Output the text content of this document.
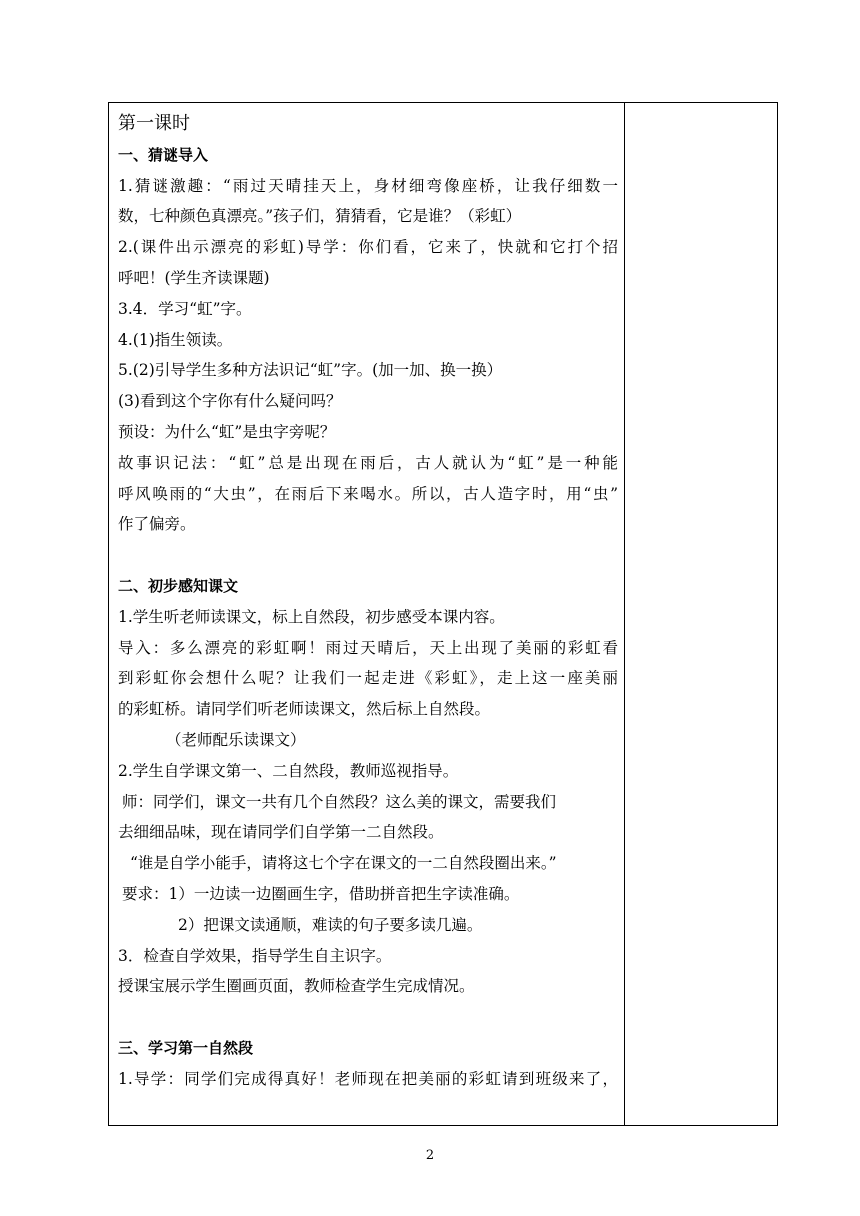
第一课时
一、猜谜导入
1.猜谜激趣：“雨过天晴挂天上，身材细弯像座桥，让我仔细数一
数，七种颜色真漂亮。”孩子们，猜猜看，它是谁？（彩虹）
2.(课件出示漂亮的彩虹)导学：你们看，它来了，快就和它打个招
呼吧！(学生齐读课题)
3.4．学习“虹”字。
4.(1)指生领读。
5.(2)引导学生多种方法识记“虹”字。(加一加、换一换）
(3)看到这个字你有什么疑问吗？
预设：为什么“虹”是虫字旁呢？
故事识记法：“虹”总是出现在雨后，古人就认为“虹”是一种能
呼风唤雨的“大虫”，在雨后下来喝水。所以，古人造字时，用“虫”
作了偏旁。
二、初步感知课文
1.学生听老师读课文，标上自然段，初步感受本课内容。
导入：多么漂亮的彩虹啊！雨过天晴后，天上出现了美丽的彩虹看
到彩虹你会想什么呢？让我们一起走进《彩虹》，走上这一座美丽
的彩虹桥。请同学们听老师读课文，然后标上自然段。
（老师配乐读课文）
2.学生自学课文第一、二自然段，教师巡视指导。
师：同学们，课文一共有几个自然段？这么美的课文，需要我们
去细细品味，现在请同学们自学第一二自然段。
“谁是自学小能手，请将这七个字在课文的一二自然段圈出来。”
要求：1）一边读一边圈画生字，借助拼音把生字读准确。
2）把课文读通顺，难读的句子要多读几遍。
3．检查自学效果，指导学生自主识字。
授课宝展示学生圈画页面，教师检查学生完成情况。
三、学习第一自然段
1.导学：同学们完成得真好！老师现在把美丽的彩虹请到班级来了，
2
